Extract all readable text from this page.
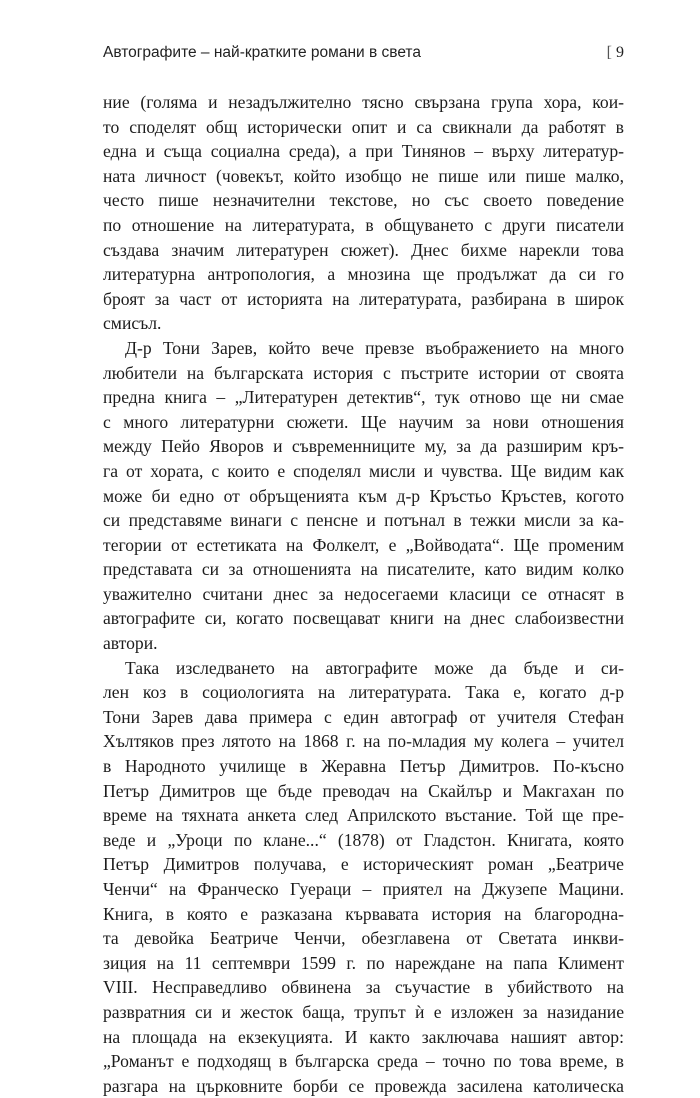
Автографите – най-кратките романи в света	[ 9
ние (голяма и незадължително тясно свързана група хора, кои-
то споделят общ исторически опит и са свикнали да работят в
една и съща социална среда), а при Тинянов – върху литератур-
ната личност (човекът, който изобщо не пише или пише малко,
често пише незначителни текстове, но със своето поведение
по отношение на литературата, в общуването с други писатели
създава значим литературен сюжет). Днес бихме нарекли това
литературна антропология, а мнозина ще продължат да си го
броят за част от историята на литературата, разбирана в широк
смисъл.
Д-р Тони Зарев, който вече превзе въображението на много
любители на българската история с пъстрите истории от своята
предна книга – „Литературен детектив“, тук отново ще ни смае
с много литературни сюжети. Ще научим за нови отношения
между Пейо Яворов и съвременниците му, за да разширим кръ-
га от хората, с които е споделял мисли и чувства. Ще видим как
може би едно от обръщенията към д-р Кръстьо Кръстев, когото
си представяме винаги с пенсне и потънал в тежки мисли за ка-
тегории от естетиката на Фолкелт, е „Войводата“. Ще променим
представата си за отношенията на писателите, като видим колко
уважително считани днес за недосегаеми класици се отнасят в
автографите си, когато посвещават книги на днес слабоизвестни
автори.
Така изследването на автографите може да бъде и си-
лен коз в социологията на литературата. Така е, когато д-р
Тони Зарев дава примера с един автограф от учителя Стефан
Хълтяков през лятото на 1868 г. на по-младия му колега – учител
в Народното училище в Жеравна Петър Димитров. По-късно
Петър Димитров ще бъде преводач на Скайлър и Макгахан по
време на тяхната анкета след Априлското въстание. Той ще пре-
веде и „Уроци по клане...“ (1878) от Гладстон. Книгата, която
Петър Димитров получава, е историческият роман „Беатриче
Ченчи“ на Франческо Гуераци – приятел на Джузепе Мацини.
Книга, в която е разказана кървавата история на благородна-
та девойка Беатриче Ченчи, обезглавена от Светата инкви-
зиция на 11 септември 1599 г. по нареждане на папа Климент
VIII. Несправедливо обвинена за съучастие в убийството на
развратния си и жесток баща, трупът ѝ е изложен за назидание
на площада на екзекуцията. И както заключава нашият автор:
„Романът е подходящ в българска среда – точно по това време, в
разгара на църковните борби се провежда засилена католическа
